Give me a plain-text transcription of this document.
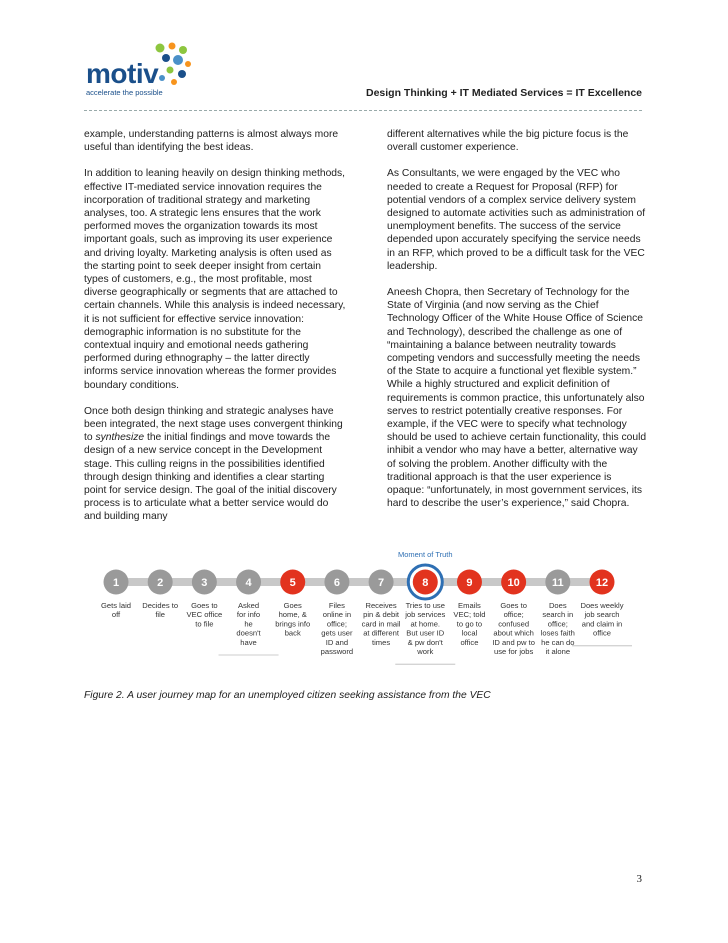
motiv
accelerate the possible	Design Thinking + IT Mediated Services = IT Excellence

example, understanding patterns is almost always more useful than identifying the best ideas.

In addition to leaning heavily on design thinking methods, effective IT-mediated service innovation requires the incorporation of traditional strategy and marketing analyses, too. A strategic lens ensures that the work performed moves the organization towards its most important goals, such as improving its user experience and driving loyalty. Marketing analysis is often used as the starting point to seek deeper insight from certain types of customers, e.g., the most profitable, most diverse geographically or segments that are attached to certain channels. While this analysis is indeed necessary, it is not sufficient for effective service innovation: demographic information is no substitute for the contextual inquiry and emotional needs gathering performed during ethnography – the latter directly informs service innovation whereas the former provides boundary conditions.

Once both design thinking and strategic analyses have been integrated, the next stage uses convergent thinking to synthesize the initial findings and move towards the design of a new service concept in the Development stage. This culling reigns in the possibilities identified through design thinking and identifies a clear starting point for service design. The goal of the initial discovery process is to articulate what a better service would do and building many

different alternatives while the big picture focus is the overall customer experience.

As Consultants, we were engaged by the VEC who needed to create a Request for Proposal (RFP) for potential vendors of a complex service delivery system designed to automate activities such as administration of unemployment benefits. The success of the service depended upon accurately specifying the service needs in an RFP, which proved to be a difficult task for the VEC leadership.

Aneesh Chopra, then Secretary of Technology for the State of Virginia (and now serving as the Chief Technology Officer of the White House Office of Science and Technology), described the challenge as one of “maintaining a balance between neutrality towards competing vendors and successfully meeting the needs of the State to acquire a functional yet flexible system.” While a highly structured and explicit definition of requirements is common practice, this unfortunately also serves to restrict potentially creative responses. For example, if the VEC were to specify what technology should be used to achieve certain functionality, this could inhibit a vendor who may have a better, alternative way of solving the problem. Another difficulty with the traditional approach is that the user experience is opaque: “unfortunately, in most government services, its hard to describe the user’s experience,” said Chopra.

Moment of Truth
1
Gets laid
off
2
Decides to
file
3
Goes to
VEC office
to file
4
Asked
for info
he
doesn't
have
5
Goes
home, &
brings info
back
6
Files
online in
office;
gets user
ID and
password
7
Receives
pin & debit
card in mail
at different
times
8
Tries to use
job services
at home.
But user ID
& pw don't
work
9
Emails
VEC; told
to go to
local
office
10
Goes to
office;
confused
about which
ID and pw to
use for jobs
11
Does
search in
office;
loses faith
he can do
it alone
12
Does weekly
job search
and claim in
office
Figure 2. A user journey map for an unemployed citizen seeking assistance from the VEC
3
